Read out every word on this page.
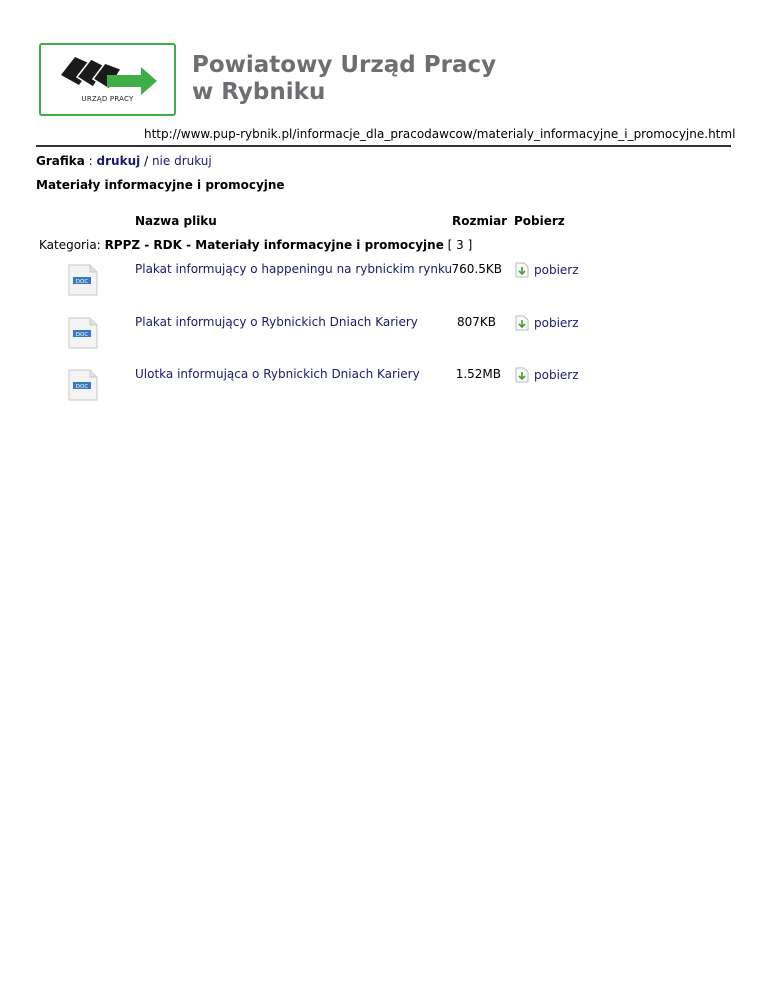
URZĄD PRACY
Powiatowy Urząd Pracy
w Rybniku
http://www.pup-rybnik.pl/informacje_dla_pracodawcow/materialy_informacyjne_i_promocyjne.html
Grafika : drukuj / nie drukuj
Materiały informacyjne i promocyjne
Nazwa pliku	Rozmiar Pobierz
Kategoria: RPPZ - RDK - Materiały informacyjne i promocyjne [ 3 ]
DOC
Plakat informujący o happeningu na rybnickim rynku 760.5KB	pobierz
DOC
Plakat informujący o Rybnickich Dniach Kariery	807KB	pobierz
DOC
Ulotka informująca o Rybnickich Dniach Kariery	1.52MB	pobierz
